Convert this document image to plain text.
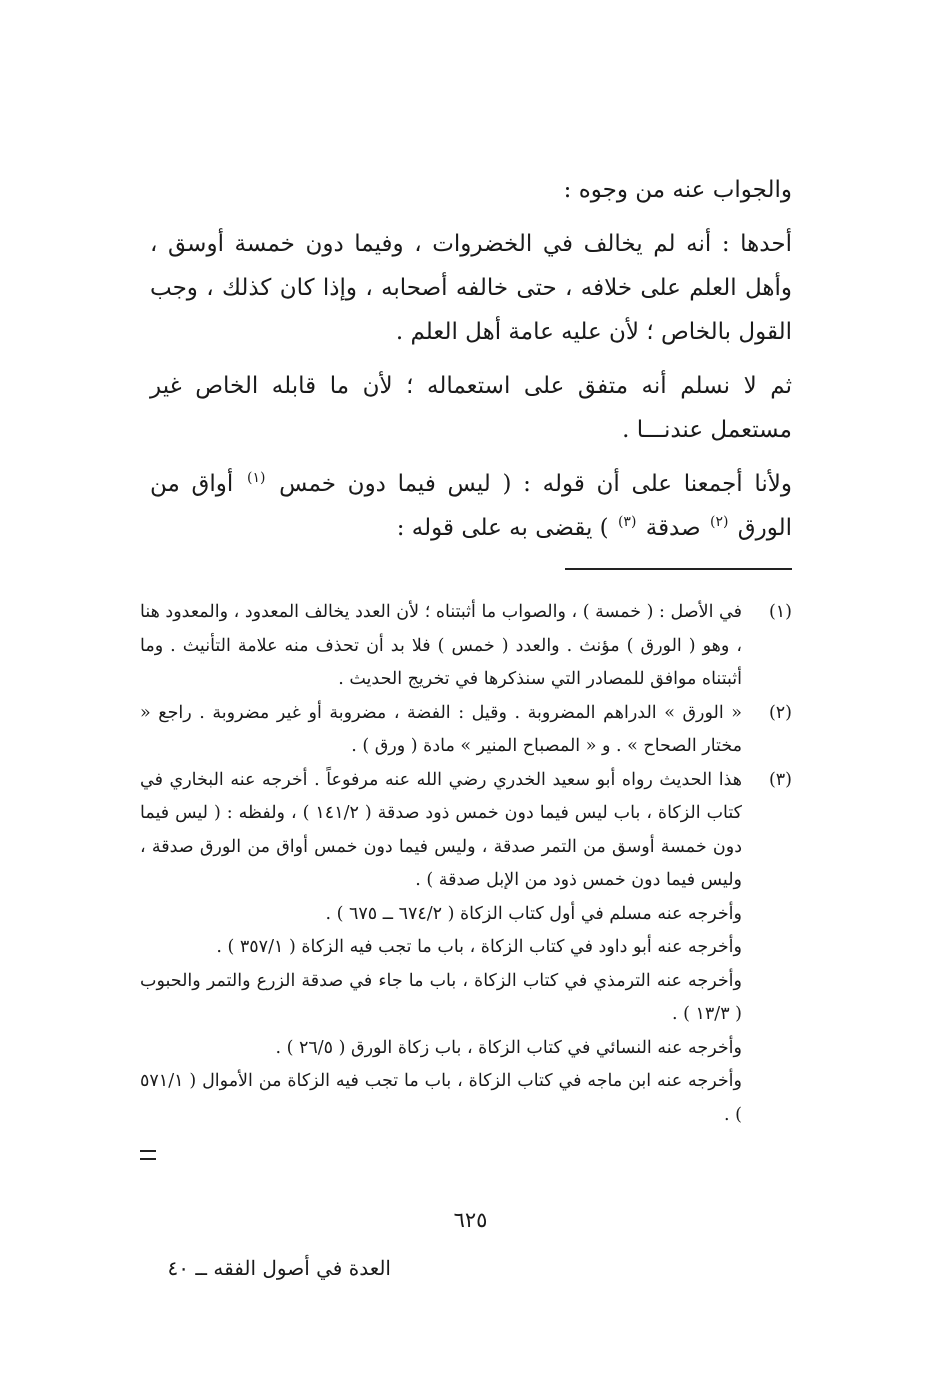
والجواب عنه من وجوه :

أحدها : أنه لم يخالف في الخضروات ، وفيما دون خمسة أوسق ، وأهل العلم على خلافه ، حتى خالفه أصحابه ، وإذا كان كذلك ، وجب القول بالخاص ؛ لأن عليه عامة أهل العلم .

ثم لا نسلم أنه متفق على استعماله ؛ لأن ما قابله الخاص غير مستعمل عندنـــا .

ولأنا أجمعنا على أن قوله : ( ليس فيما دون خمس $^{(١)}$ أواق من الورق $^{(٢)}$ صدقة $^{(٣)}$ ) يقضى به على قوله :

(١)

في الأصل : ( خمسة ) ، والصواب ما أثبتناه ؛ لأن العدد يخالف المعدود ، والمعدود هنا ، وهو ( الورق ) مؤنث . والعدد ( خمس ) فلا بد أن تحذف منه علامة التأنيث . وما أثبتناه موافق للمصادر التي سنذكرها في تخريج الحديث .

(٢)

« الورق » الدراهم المضروبة . وقيل : الفضة ، مضروبة أو غير مضروبة . راجع « مختار الصحاح » . و « المصباح المنير » مادة ( ورق ) .

(٣)

هذا الحديث رواه أبو سعيد الخدري رضي الله عنه مرفوعاً . أخرجه عنه البخاري في كتاب الزكاة ، باب ليس فيما دون خمس ذود صدقة ( ١٤١/٢ ) ، ولفظه : ( ليس فيما دون خمسة أوسق من التمر صدقة ، وليس فيما دون خمس أواق من الورق صدقة ، وليس فيما دون خمس ذود من الإبل صدقة ) .

وأخرجه عنه مسلم في أول كتاب الزكاة ( ٦٧٤/٢ ــ ٦٧٥ ) .

وأخرجه عنه أبو داود في كتاب الزكاة ، باب ما تجب فيه الزكاة ( ٣٥٧/١ ) .

وأخرجه عنه الترمذي في كتاب الزكاة ، باب ما جاء في صدقة الزرع والتمر والحبوب ( ١٣/٣ ) .

وأخرجه عنه النسائي في كتاب الزكاة ، باب زكاة الورق ( ٢٦/٥ ) .

وأخرجه عنه ابن ماجه في كتاب الزكاة ، باب ما تجب فيه الزكاة من الأموال ( ٥٧١/١ ) .

٦٢٥
العدة في أصول الفقه ــ ٤٠
